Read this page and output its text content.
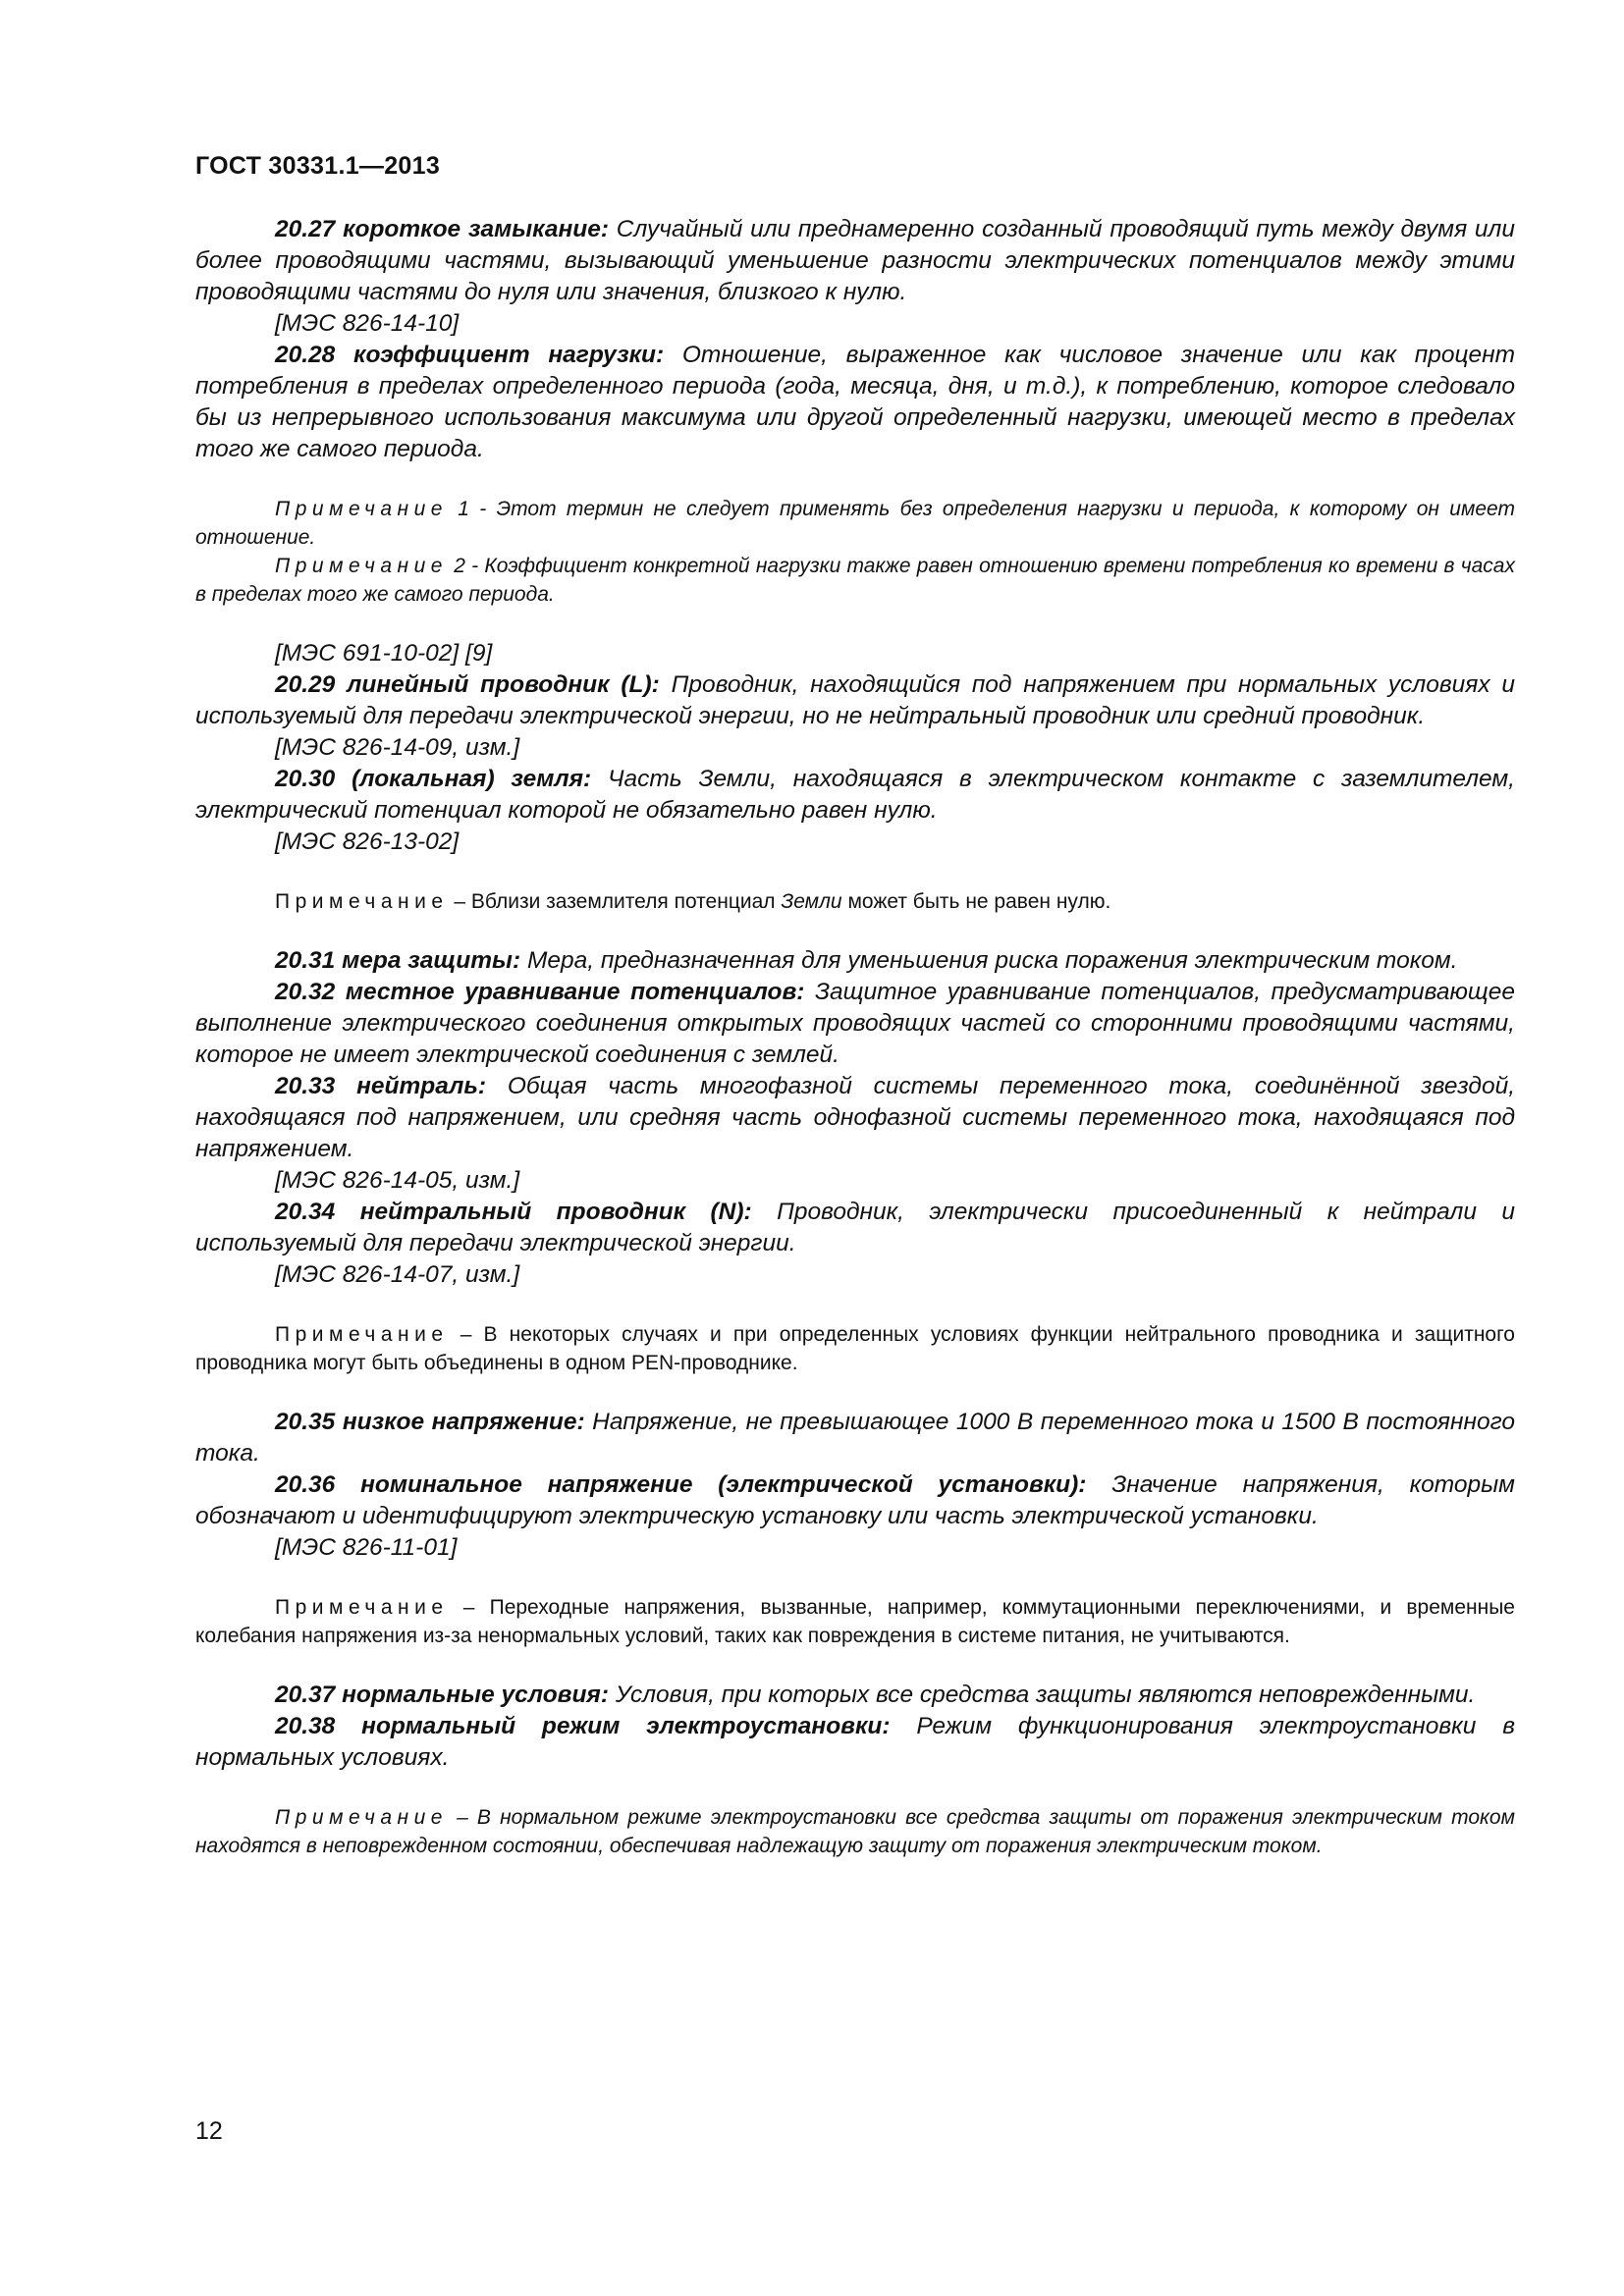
ГОСТ 30331.1—2013

20.27 короткое замыкание: Случайный или преднамеренно созданный проводящий путь между двумя или более проводящими частями, вызывающий уменьшение разности электрических потенциалов между этими проводящими частями до нуля или значения, близкого к нулю.

[МЭС 826-14-10]

20.28 коэффициент нагрузки: Отношение, выраженное как числовое значение или как процент потребления в пределах определенного периода (года, месяца, дня, и т.д.), к потреблению, которое следовало бы из непрерывного использования максимума или другой определенный нагрузки, имеющей место в пределах того же самого периода.

Примечание 1 - Этот термин не следует применять без определения нагрузки и периода, к которому он имеет отношение.

Примечание 2 - Коэффициент конкретной нагрузки также равен отношению времени потребления ко времени в часах в пределах того же самого периода.

[МЭС 691-10-02] [9]

20.29 линейный проводник (L): Проводник, находящийся под напряжением при нормальных условиях и используемый для передачи электрической энергии, но не нейтральный проводник или средний проводник.

[МЭС 826-14-09, изм.]

20.30 (локальная) земля: Часть Земли, находящаяся в электрическом контакте с заземлителем, электрический потенциал которой не обязательно равен нулю.

[МЭС 826-13-02]

Примечание – Вблизи заземлителя потенциал Земли может быть не равен нулю.

20.31 мера защиты: Мера, предназначенная для уменьшения риска поражения электрическим током.

20.32 местное уравнивание потенциалов: Защитное уравнивание потенциалов, предусматривающее выполнение электрического соединения открытых проводящих частей со сторонними проводящими частями, которое не имеет электрической соединения с землей.

20.33 нейтраль: Общая часть многофазной системы переменного тока, соединённой звездой, находящаяся под напряжением, или средняя часть однофазной системы переменного тока, находящаяся под напряжением.

[МЭС 826-14-05, изм.]

20.34 нейтральный проводник (N): Проводник, электрически присоединенный к нейтрали и используемый для передачи электрической энергии.

[МЭС 826-14-07, изм.]

Примечание – В некоторых случаях и при определенных условиях функции нейтрального проводника и защитного проводника могут быть объединены в одном PEN-проводнике.

20.35 низкое напряжение: Напряжение, не превышающее 1000 В переменного тока и 1500 В постоянного тока.

20.36 номинальное напряжение (электрической установки): Значение напряжения, которым обозначают и идентифицируют электрическую установку или часть электрической установки.

[МЭС 826-11-01]

Примечание – Переходные напряжения, вызванные, например, коммутационными переключениями, и временные колебания напряжения из-за ненормальных условий, таких как повреждения в системе питания, не учитываются.

20.37 нормальные условия: Условия, при которых все средства защиты являются неповрежденными.

20.38 нормальный режим электроустановки: Режим функционирования электроустановки в нормальных условиях.

Примечание – В нормальном режиме электроустановки все средства защиты от поражения электрическим током находятся в неповрежденном состоянии, обеспечивая надлежащую защиту от поражения электрическим током.

12
